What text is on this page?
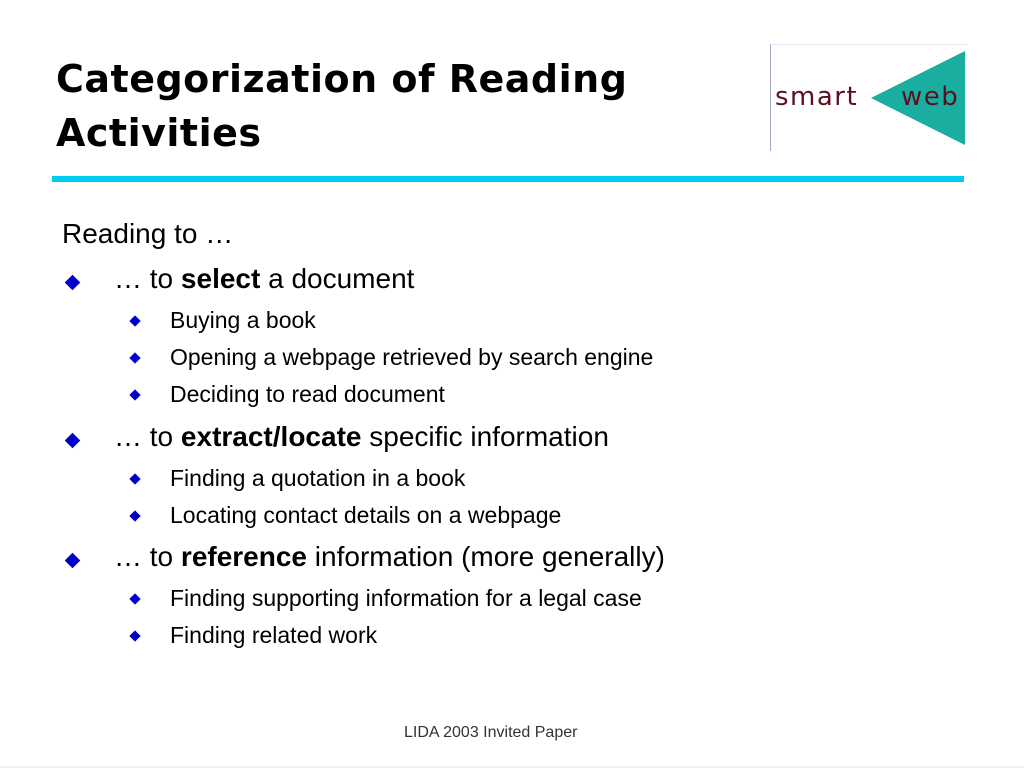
Categorization of Reading Activities
smart web
Reading to …
… to select a document
Buying a book
Opening a webpage retrieved by search engine
Deciding to read document
… to extract/locate specific information
Finding a quotation in a book
Locating contact details on a webpage
… to reference information (more generally)
Finding supporting information for a legal case
Finding related work
LIDA 2003 Invited Paper
